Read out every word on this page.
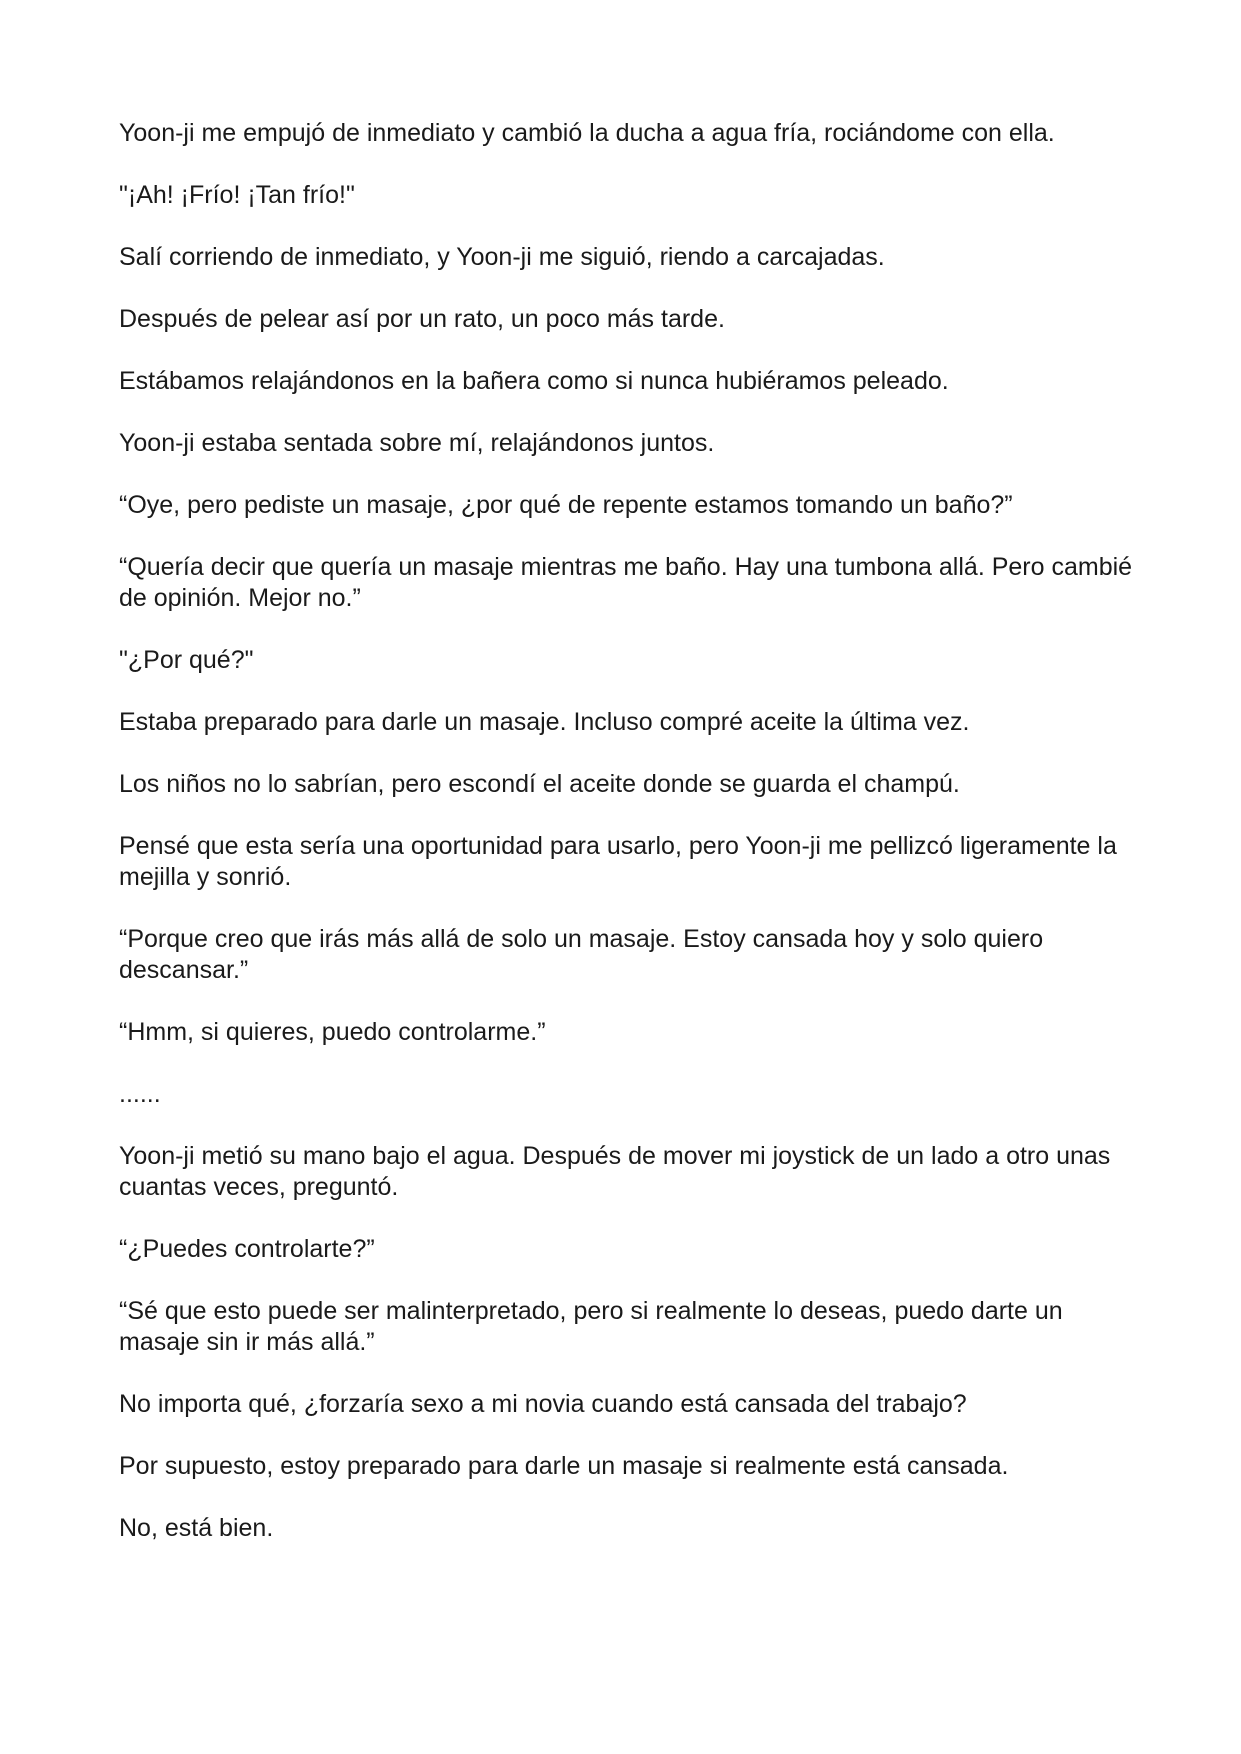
Yoon-ji me empujó de inmediato y cambió la ducha a agua fría, rociándome con ella.

"¡Ah! ¡Frío! ¡Tan frío!"

Salí corriendo de inmediato, y Yoon-ji me siguió, riendo a carcajadas.

Después de pelear así por un rato, un poco más tarde.

Estábamos relajándonos en la bañera como si nunca hubiéramos peleado.

Yoon-ji estaba sentada sobre mí, relajándonos juntos.

“Oye, pero pediste un masaje, ¿por qué de repente estamos tomando un baño?”

“Quería decir que quería un masaje mientras me baño. Hay una tumbona allá. Pero cambié de opinión. Mejor no.”

"¿Por qué?"

Estaba preparado para darle un masaje. Incluso compré aceite la última vez.

Los niños no lo sabrían, pero escondí el aceite donde se guarda el champú.

Pensé que esta sería una oportunidad para usarlo, pero Yoon-ji me pellizcó ligeramente la mejilla y sonrió.

“Porque creo que irás más allá de solo un masaje. Estoy cansada hoy y solo quiero descansar.”

“Hmm, si quieres, puedo controlarme.”

......

Yoon-ji metió su mano bajo el agua. Después de mover mi joystick de un lado a otro unas cuantas veces, preguntó.

“¿Puedes controlarte?”

“Sé que esto puede ser malinterpretado, pero si realmente lo deseas, puedo darte un masaje sin ir más allá.”

No importa qué, ¿forzaría sexo a mi novia cuando está cansada del trabajo?

Por supuesto, estoy preparado para darle un masaje si realmente está cansada.

No, está bien.
